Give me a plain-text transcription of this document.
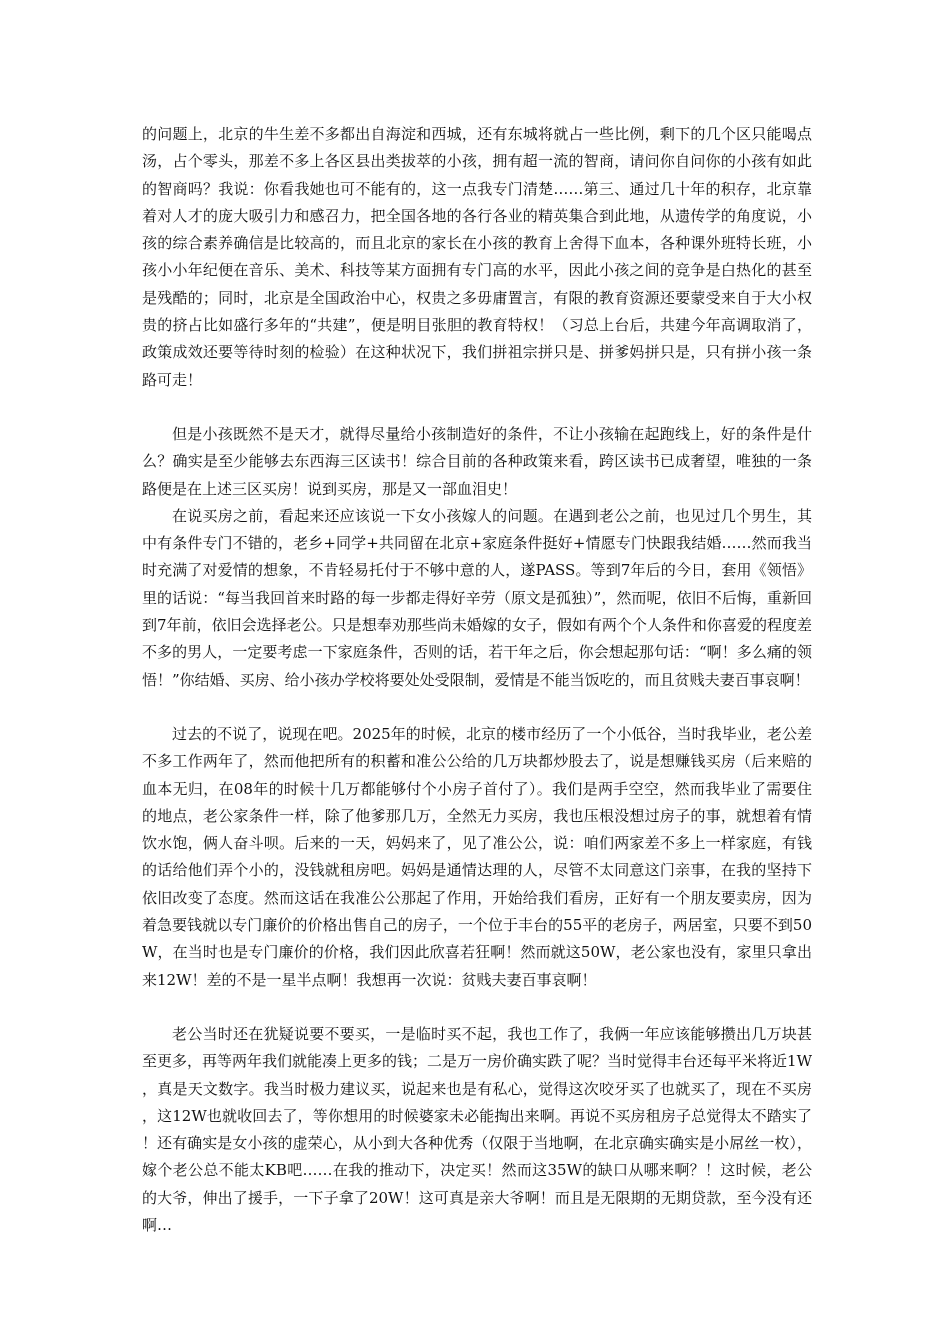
的问题上，北京的牛生差不多都出自海淀和西城，还有东城将就占一些比例，剩下的几个区只能喝点汤，占个零头，那差不多上各区县出类拔萃的小孩，拥有超一流的智商，请问你自问你的小孩有如此的智商吗？我说：你看我她也可不能有的，这一点我专门清楚……第三、通过几十年的积存，北京靠着对人才的庞大吸引力和感召力，把全国各地的各行各业的精英集合到此地，从遗传学的角度说，小孩的综合素养确信是比较高的，而且北京的家长在小孩的教育上舍得下血本，各种课外班特长班，小孩小小年纪便在音乐、美术、科技等某方面拥有专门高的水平，因此小孩之间的竞争是白热化的甚至是残酷的；同时，北京是全国政治中心，权贵之多毋庸置言，有限的教育资源还要蒙受来自于大小权贵的挤占比如盛行多年的“共建”，便是明目张胆的教育特权！（习总上台后，共建今年高调取消了，政策成效还要等待时刻的检验）在这种状况下，我们拼祖宗拼只是、拼爹妈拼只是，只有拼小孩一条路可走！

但是小孩既然不是天才，就得尽量给小孩制造好的条件，不让小孩输在起跑线上，好的条件是什么？确实是至少能够去东西海三区读书！综合目前的各种政策来看，跨区读书已成奢望，唯独的一条路便是在上述三区买房！说到买房，那是又一部血泪史！

在说买房之前，看起来还应该说一下女小孩嫁人的问题。在遇到老公之前，也见过几个男生，其中有条件专门不错的，老乡+同学+共同留在北京+家庭条件挺好+情愿专门快跟我结婚……然而我当时充满了对爱情的想象，不肯轻易托付于不够中意的人，遂PASS。等到7年后的今日，套用《领悟》里的话说：“每当我回首来时路的每一步都走得好辛劳（原文是孤独）”，然而呢，依旧不后悔，重新回到7年前，依旧会选择老公。只是想奉劝那些尚未婚嫁的女子，假如有两个个人条件和你喜爱的程度差不多的男人，一定要考虑一下家庭条件，否则的话，若干年之后，你会想起那句话：“啊！多么痛的领悟！”你结婚、买房、给小孩办学校将要处处受限制，爱情是不能当饭吃的，而且贫贱夫妻百事哀啊！

过去的不说了，说现在吧。2025年的时候，北京的楼市经历了一个小低谷，当时我毕业，老公差不多工作两年了，然而他把所有的积蓄和准公公给的几万块都炒股去了，说是想赚钱买房（后来赔的血本无归，在08年的时候十几万都能够付个小房子首付了）。我们是两手空空，然而我毕业了需要住的地点，老公家条件一样，除了他爹那几万，全然无力买房，我也压根没想过房子的事，就想着有情饮水饱，俩人奋斗呗。后来的一天，妈妈来了，见了准公公，说：咱们两家差不多上一样家庭，有钱的话给他们弄个小的，没钱就租房吧。妈妈是通情达理的人，尽管不太同意这门亲事，在我的坚持下依旧改变了态度。然而这话在我准公公那起了作用，开始给我们看房，正好有一个朋友要卖房，因为着急要钱就以专门廉价的价格出售自己的房子，一个位于丰台的55平的老房子，两居室，只要不到50W，在当时也是专门廉价的价格，我们因此欣喜若狂啊！然而就这50W，老公家也没有，家里只拿出来12W！差的不是一星半点啊！我想再一次说：贫贱夫妻百事哀啊！

老公当时还在犹疑说要不要买，一是临时买不起，我也工作了，我俩一年应该能够攒出几万块甚至更多，再等两年我们就能凑上更多的钱；二是万一房价确实跌了呢？当时觉得丰台还每平米将近1W，真是天文数字。我当时极力建议买，说起来也是有私心，觉得这次咬牙买了也就买了，现在不买房，这12W也就收回去了，等你想用的时候婆家未必能掏出来啊。再说不买房租房子总觉得太不踏实了！还有确实是女小孩的虚荣心，从小到大各种优秀（仅限于当地啊，在北京确实确实是小屌丝一枚），嫁个老公总不能太KB吧……在我的推动下，决定买！然而这35W的缺口从哪来啊？！这时候，老公的大爷，伸出了援手，一下子拿了20W！这可真是亲大爷啊！而且是无限期的无期贷款，至今没有还啊…
